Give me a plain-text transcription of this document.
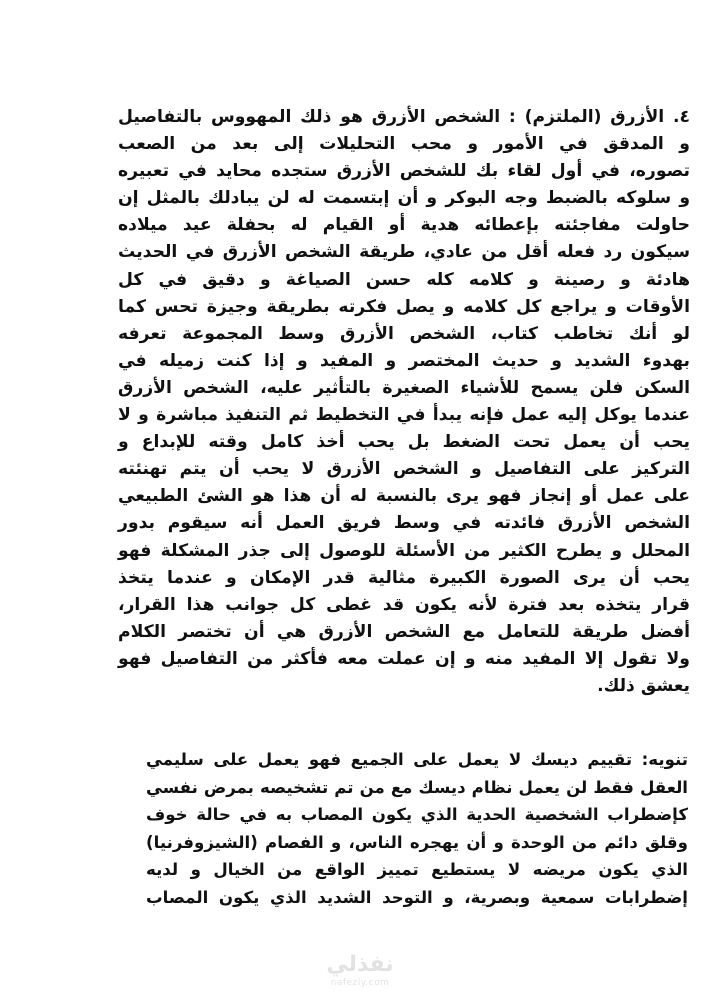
٤. الأزرق (الملتزم) : الشخص الأزرق هو ذلك المهووس بالتفاصيل

و المدقق في الأمور و محب التحليلات إلى بعد من الصعب

تصوره، في أول لقاء بك للشخص الأزرق ستجده محايد في تعبيره

و سلوكه بالضبط وجه البوكر و أن إبتسمت له لن يبادلك بالمثل إن

حاولت مفاجئته بإعطائه هدية أو القيام له بحفلة عيد ميلاده

سيكون رد فعله أقل من عادي، طريقة الشخص الأزرق في الحديث

هادئة و رصينة و كلامه كله حسن الصياغة و دقيق في كل

الأوقات و يراجع كل كلامه و يصل فكرته بطريقة وجيزة تحس كما

لو أنك تخاطب كتاب، الشخص الأزرق وسط المجموعة تعرفه

بهدوء الشديد و حديث المختصر و المفيد و إذا كنت زميله في

السكن فلن يسمح للأشياء الصغيرة بالتأثير عليه، الشخص الأزرق

عندما يوكل إليه عمل فإنه يبدأ في التخطيط ثم التنفيذ مباشرة و لا

يحب أن يعمل تحت الضغط بل يحب أخذ كامل وقته للإبداع و

التركيز على التفاصيل و الشخص الأزرق لا يحب أن يتم تهنئته

على عمل أو إنجاز فهو يرى بالنسبة له أن هذا هو الشئ الطبيعي

الشخص الأزرق فائدته في وسط فريق العمل أنه سيقوم بدور

المحلل و يطرح الكثير من الأسئلة للوصول إلى جذر المشكلة فهو

يحب أن يرى الصورة الكبيرة مثالية قدر الإمكان و عندما يتخذ

قرار يتخذه بعد فترة لأنه يكون قد غطى كل جوانب هذا القرار،

أفضل طريقة للتعامل مع الشخص الأزرق هي أن تختصر الكلام

ولا تقول إلا المفيد منه و إن عملت معه فأكثر من التفاصيل فهو

يعشق ذلك.

تنويه: تقييم ديسك لا يعمل على الجميع فهو يعمل على سليمي

العقل فقط لن يعمل نظام ديسك مع من تم تشخيصه بمرض نفسي

كإضطراب الشخصية الحدية الذي يكون المصاب به في حالة خوف

وقلق دائم من الوحدة و أن يهجره الناس، و الفصام (الشيزوفرنيا)

الذي يكون مريضه لا يستطيع تمييز الواقع من الخيال و لديه

إضطرابات سمعية وبصرية، و التوحد الشديد الذي يكون المصاب

نفذلي
nafezly.com
